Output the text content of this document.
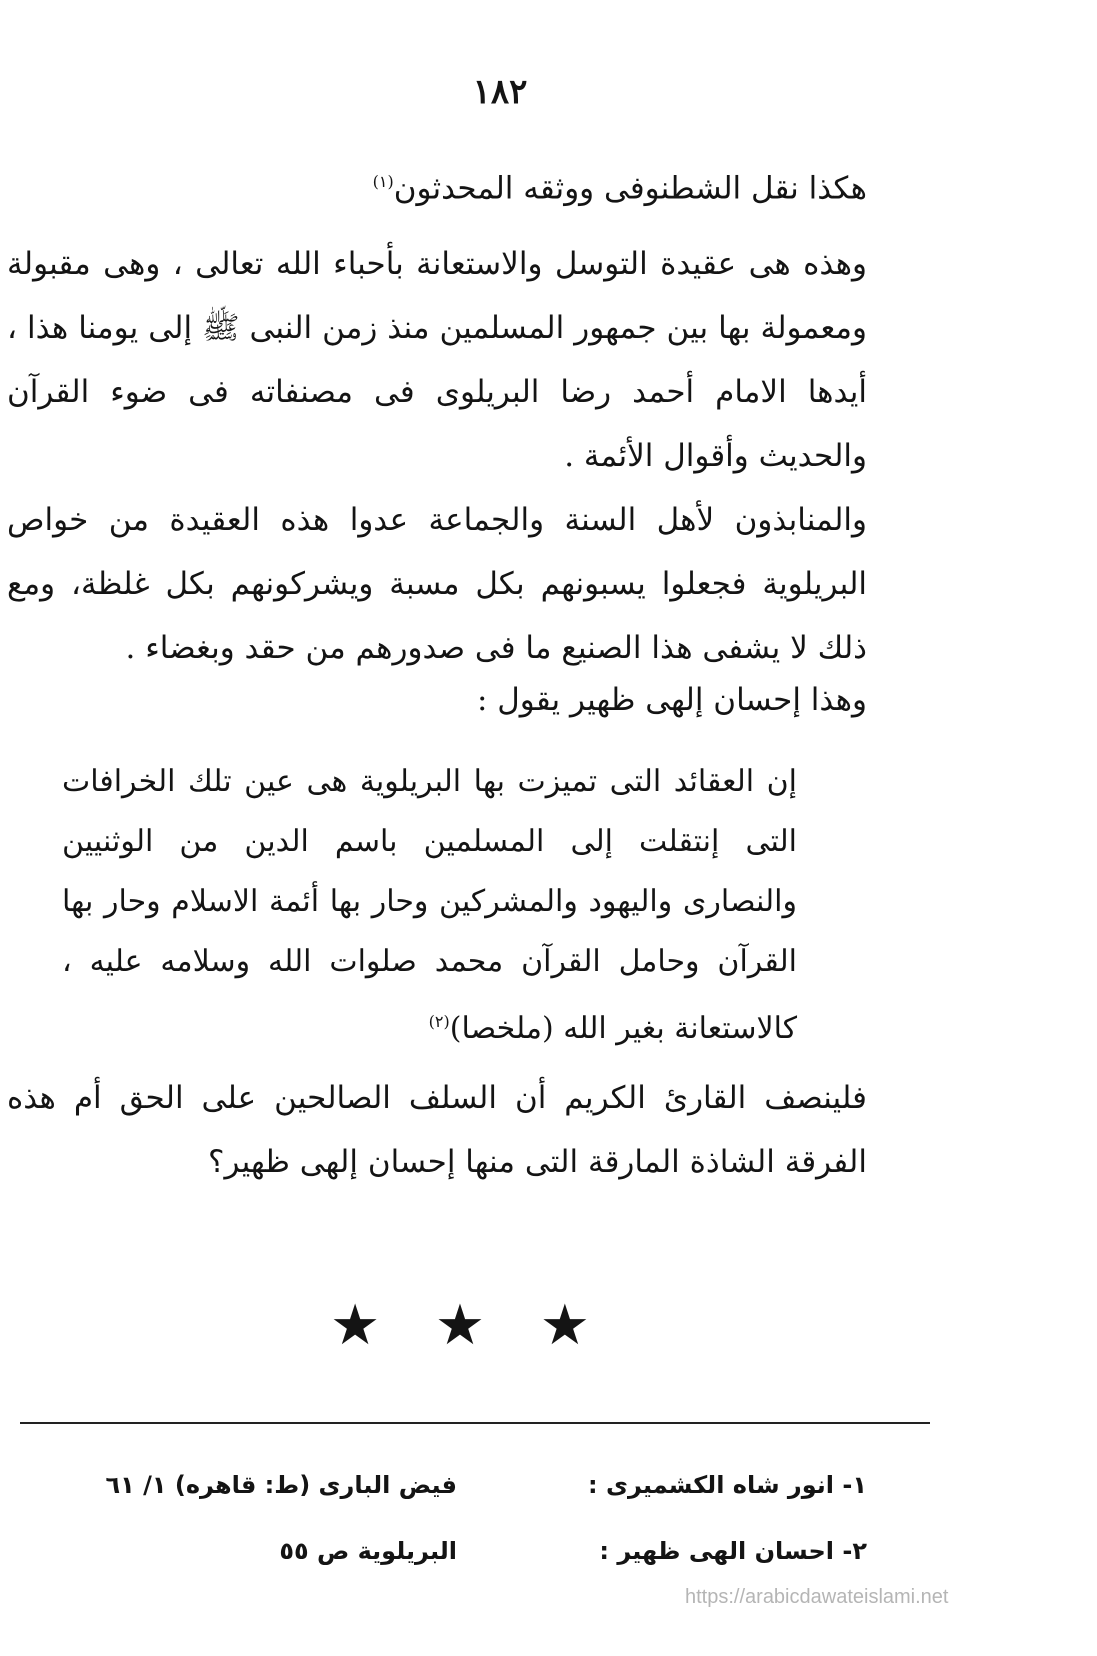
١٨٢
هكذا نقل الشطنوفى ووثقه المحدثون$^{(١)}$
وهذه هى عقيدة التوسل والاستعانة بأحباء الله تعالى ، وهى مقبولة ومعمولة بها بين جمهور المسلمين منذ زمن النبى ﷺ إلى يومنا هذا ، أيدها الامام أحمد رضا البريلوى فى مصنفاته فى ضوء القرآن والحديث وأقوال الأئمة .
والمنابذون لأهل السنة والجماعة عدوا هذه العقيدة من خواص البريلوية فجعلوا يسبونهم بكل مسبة ويشركونهم بكل غلظة، ومع ذلك لا يشفى هذا الصنيع ما فى صدورهم من حقد وبغضاء .
وهذا إحسان إلهى ظهير يقول :
إن العقائد التى تميزت بها البريلوية هى عين تلك الخرافات التى إنتقلت إلى المسلمين باسم الدين من الوثنيين والنصارى واليهود والمشركين وحار بها أئمة الاسلام وحار بها القرآن وحامل القرآن محمد صلوات الله وسلامه عليه ، كالاستعانة بغير الله (ملخصا)$^{(٢)}$
فلينصف القارئ الكريم أن السلف الصالحين على الحق أم هذه الفرقة الشاذة المارقة التى منها إحسان إلهى ظهير؟
★ ★ ★
١- انور شاه الكشميرى :
فيض البارى (ط: قاهره) ١/ ٦١
٢- احسان الهى ظهير :
البريلوية ص ٥٥
https://arabicdawateislami.net
